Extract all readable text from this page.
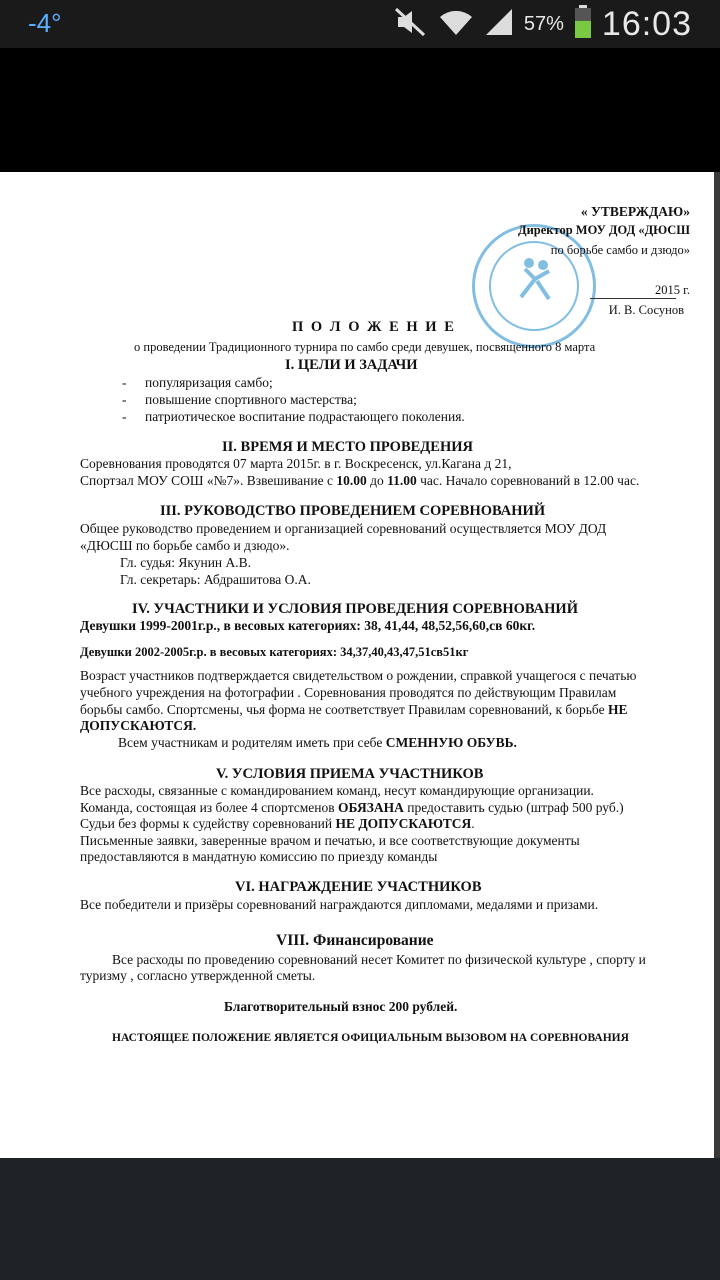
-4°	57% 16:03
« УТВЕРЖДАЮ»
Директор МОУ ДОД «ДЮСШ
по борьбе самбо и дзюдо»
2015 г.
И. В. Сосунов
П О Л О Ж Е Н И Е
о проведении Традиционного турнира по самбо среди девушек, посвященного 8 марта
I. ЦЕЛИ И ЗАДАЧИ
- популяризация самбо;
- повышение спортивного мастерства;
- патриотическое воспитание подрастающего поколения.
II. ВРЕМЯ И МЕСТО ПРОВЕДЕНИЯ
Соревнования проводятся 07 марта 2015г. в г. Воскресенск, ул.Кагана д 21,
Спортзал МОУ СОШ «№7». Взвешивание с 10.00 до 11.00 час. Начало соревнований в 12.00 час.
III. РУКОВОДСТВО ПРОВЕДЕНИЕМ СОРЕВНОВАНИЙ
Общее руководство проведением и организацией соревнований осуществляется МОУ ДОД
«ДЮСШ по борьбе самбо и дзюдо».
Гл. судья: Якунин А.В.
Гл. секретарь: Абдрашитова О.А.
IV. УЧАСТНИКИ И УСЛОВИЯ ПРОВЕДЕНИЯ СОРЕВНОВАНИЙ
Девушки 1999-2001г.р., в весовых категориях: 38, 41,44, 48,52,56,60,св 60кг.
Девушки 2002-2005г.р. в весовых категориях: 34,37,40,43,47,51св51кг
Возраст участников подтверждается свидетельством о рождении, справкой учащегося с печатью
учебного учреждения на фотографии . Соревнования проводятся по действующим Правилам
борьбы самбо. Спортсмены, чья форма не соответствует Правилам соревнований, к борьбе НЕ
ДОПУСКАЮТСЯ.
Всем участникам и родителям иметь при себе СМЕННУЮ ОБУВЬ.
V. УСЛОВИЯ ПРИЕМА УЧАСТНИКОВ
Все расходы, связанные с командированием команд, несут командирующие организации.
Команда, состоящая из более 4 спортсменов ОБЯЗАНА предоставить судью (штраф 500 руб.)
Судьи без формы к судейству соревнований НЕ ДОПУСКАЮТСЯ.
Письменные заявки, заверенные врачом и печатью, и все соответствующие документы
предоставляются в мандатную комиссию по приезду команды
VI. НАГРАЖДЕНИЕ УЧАСТНИКОВ
Все победители и призёры соревнований награждаются дипломами, медалями и призами.
VIII. Финансирование
Все расходы по проведению соревнований несет Комитет по физической культуре , спорту и
туризму , согласно утвержденной сметы.
Благотворительный взнос 200 рублей.
НАСТОЯЩЕЕ ПОЛОЖЕНИЕ ЯВЛЯЕТСЯ ОФИЦИАЛЬНЫМ ВЫЗОВОМ НА СОРЕВНОВАНИЯ
